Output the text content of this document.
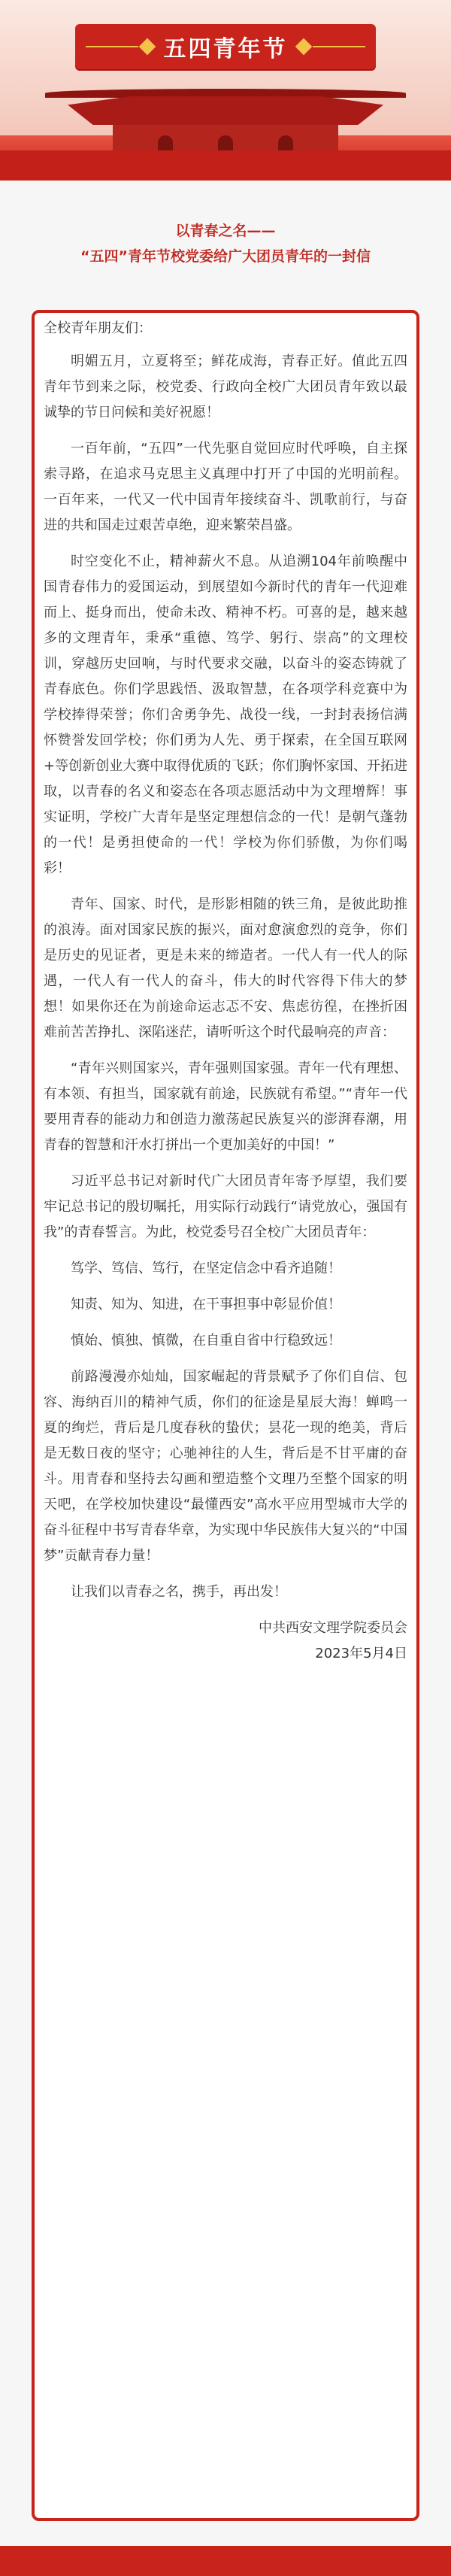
五四青年节
以青春之名——
“五四”青年节校党委给广大团员青年的一封信

全校青年朋友们：

明媚五月，立夏将至；鲜花成海，青春正好。值此五四青年节到来之际，校党委、行政向全校广大团员青年致以最诚挚的节日问候和美好祝愿！

一百年前，“五四”一代先驱自觉回应时代呼唤，自主探索寻路，在追求马克思主义真理中打开了中国的光明前程。一百年来，一代又一代中国青年接续奋斗、凯歌前行，与奋进的共和国走过艰苦卓绝，迎来繁荣昌盛。

时空变化不止，精神薪火不息。从追溯104年前唤醒中国青春伟力的爱国运动，到展望如今新时代的青年一代迎难而上、挺身而出，使命未改、精神不朽。可喜的是，越来越多的文理青年，秉承“重德、笃学、躬行、崇高”的文理校训，穿越历史回响，与时代要求交融，以奋斗的姿态铸就了青春底色。你们学思践悟、汲取智慧，在各项学科竞赛中为学校捧得荣誉；你们舍勇争先、战役一线，一封封表扬信满怀赞誉发回学校；你们勇为人先、勇于探索，在全国互联网+等创新创业大赛中取得优质的飞跃；你们胸怀家国、开拓进取，以青春的名义和姿态在各项志愿活动中为文理增辉！事实证明，学校广大青年是坚定理想信念的一代！是朝气蓬勃的一代！是勇担使命的一代！学校为你们骄傲，为你们喝彩！

青年、国家、时代，是形影相随的铁三角，是彼此助推的浪涛。面对国家民族的振兴，面对愈演愈烈的竞争，你们是历史的见证者，更是未来的缔造者。一代人有一代人的际遇，一代人有一代人的奋斗，伟大的时代容得下伟大的梦想！如果你还在为前途命运志忑不安、焦虑彷徨，在挫折困难前苦苦挣扎、深陷迷茫，请听听这个时代最响亮的声音：

“青年兴则国家兴，青年强则国家强。青年一代有理想、有本领、有担当，国家就有前途，民族就有希望。”“青年一代要用青春的能动力和创造力激荡起民族复兴的澎湃春潮，用青春的智慧和汗水打拼出一个更加美好的中国！”

习近平总书记对新时代广大团员青年寄予厚望，我们要牢记总书记的殷切嘱托，用实际行动践行“请党放心，强国有我”的青春誓言。为此，校党委号召全校广大团员青年：

笃学、笃信、笃行，在坚定信念中看齐追随！

知责、知为、知进，在干事担事中彰显价值！

慎始、慎独、慎微，在自重自省中行稳致远！

前路漫漫亦灿灿，国家崛起的背景赋予了你们自信、包容、海纳百川的精神气质，你们的征途是星辰大海！蝉鸣一夏的绚烂，背后是几度春秋的蛰伏；昙花一现的绝美，背后是无数日夜的坚守；心驰神往的人生，背后是不甘平庸的奋斗。用青春和坚持去勾画和塑造整个文理乃至整个国家的明天吧，在学校加快建设“最懂西安”高水平应用型城市大学的奋斗征程中书写青春华章，为实现中华民族伟大复兴的“中国梦”贡献青春力量！

让我们以青春之名，携手，再出发！

中共西安文理学院委员会

2023年5月4日
